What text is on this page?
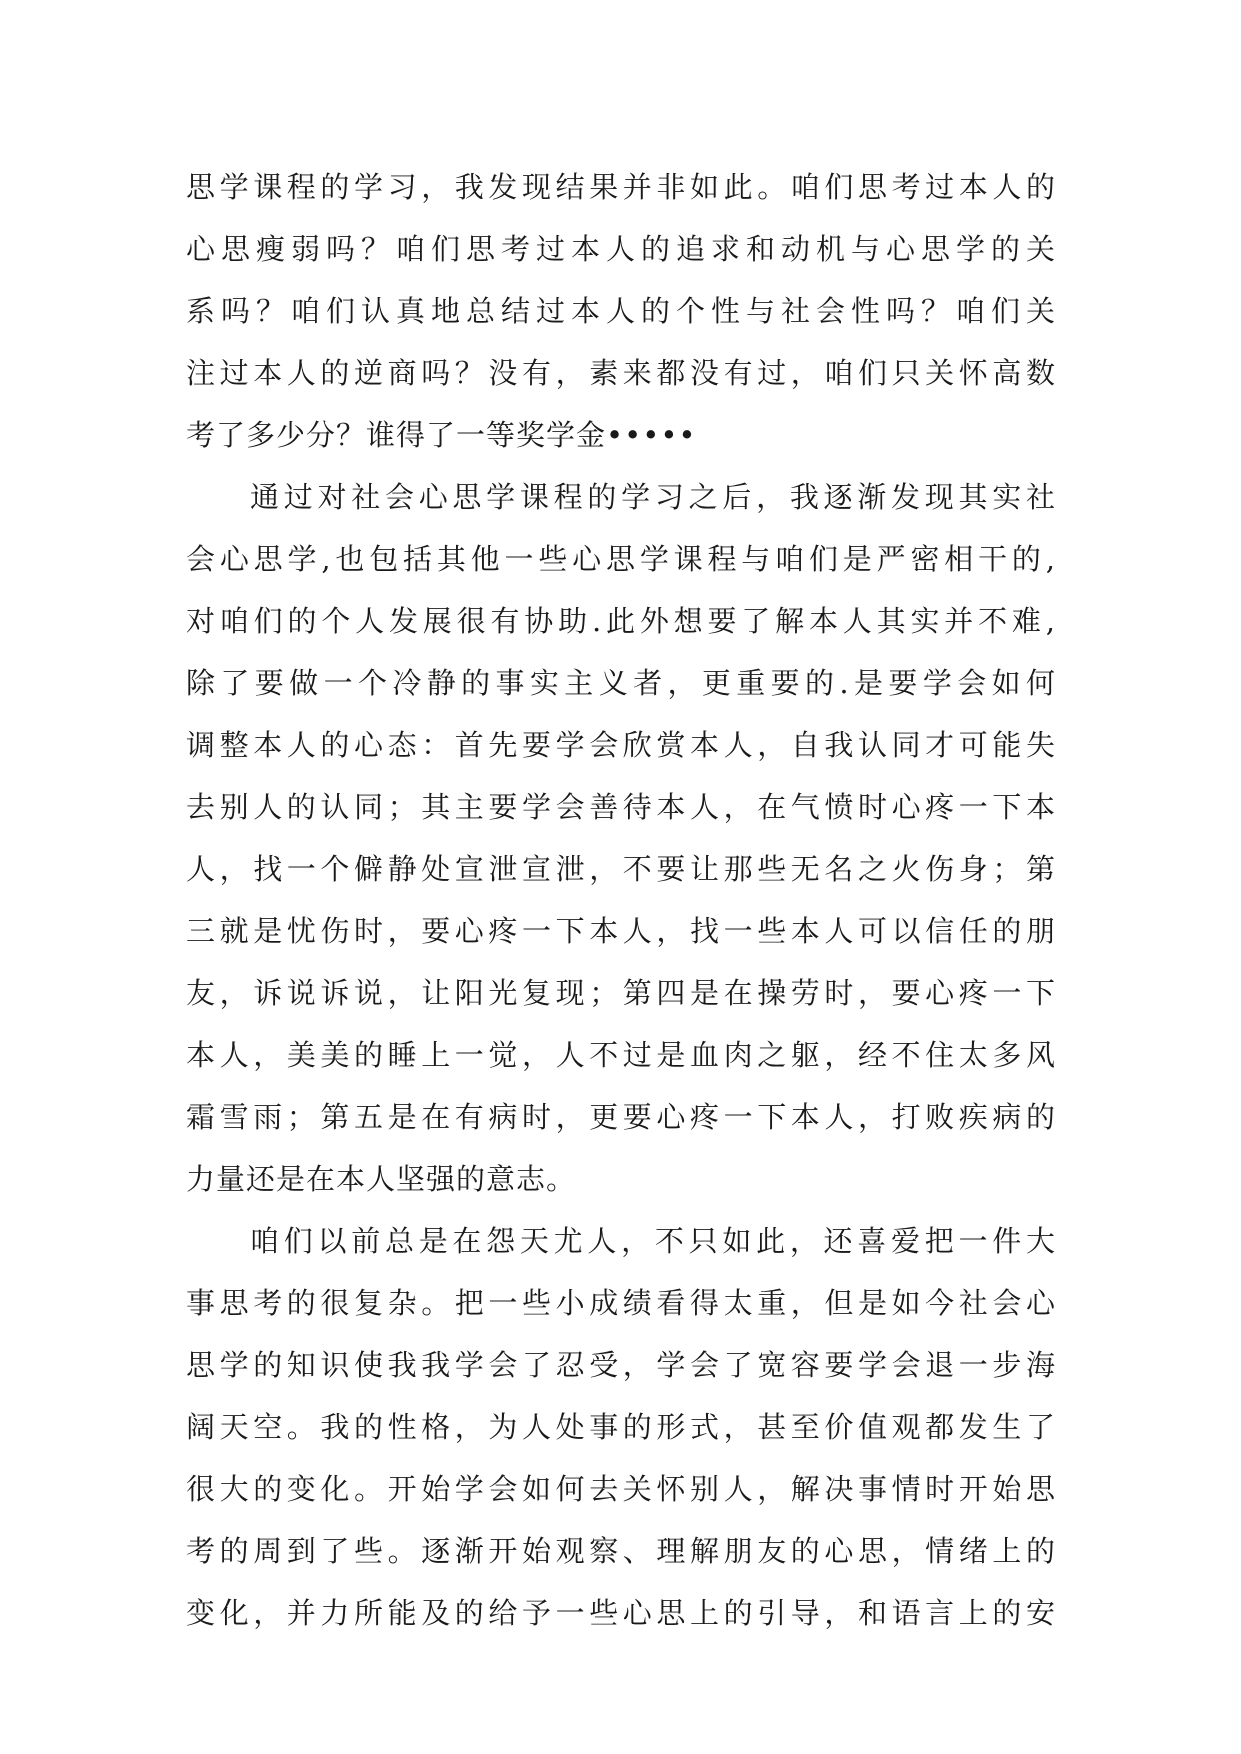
思学课程的学习，我发现结果并非如此。咱们思考过本人的
心思瘦弱吗？咱们思考过本人的追求和动机与心思学的关
系吗？咱们认真地总结过本人的个性与社会性吗？咱们关
注过本人的逆商吗？没有，素来都没有过，咱们只关怀高数
考了多少分？谁得了一等奖学金•••••
通过对社会心思学课程的学习之后，我逐渐发现其实社
会心思学,也包括其他一些心思学课程与咱们是严密相干的,
对咱们的个人发展很有协助.此外想要了解本人其实并不难,
除了要做一个冷静的事实主义者，更重要的.是要学会如何
调整本人的心态：首先要学会欣赏本人，自我认同才可能失
去别人的认同；其主要学会善待本人，在气愤时心疼一下本
人，找一个僻静处宣泄宣泄，不要让那些无名之火伤身；第
三就是忧伤时，要心疼一下本人，找一些本人可以信任的朋
友，诉说诉说，让阳光复现；第四是在操劳时，要心疼一下
本人，美美的睡上一觉，人不过是血肉之躯，经不住太多风
霜雪雨；第五是在有病时，更要心疼一下本人，打败疾病的
力量还是在本人坚强的意志。
咱们以前总是在怨天尤人，不只如此，还喜爱把一件大
事思考的很复杂。把一些小成绩看得太重，但是如今社会心
思学的知识使我我学会了忍受，学会了宽容要学会退一步海
阔天空。我的性格，为人处事的形式，甚至价值观都发生了
很大的变化。开始学会如何去关怀别人，解决事情时开始思
考的周到了些。逐渐开始观察、理解朋友的心思，情绪上的
变化，并力所能及的给予一些心思上的引导，和语言上的安
